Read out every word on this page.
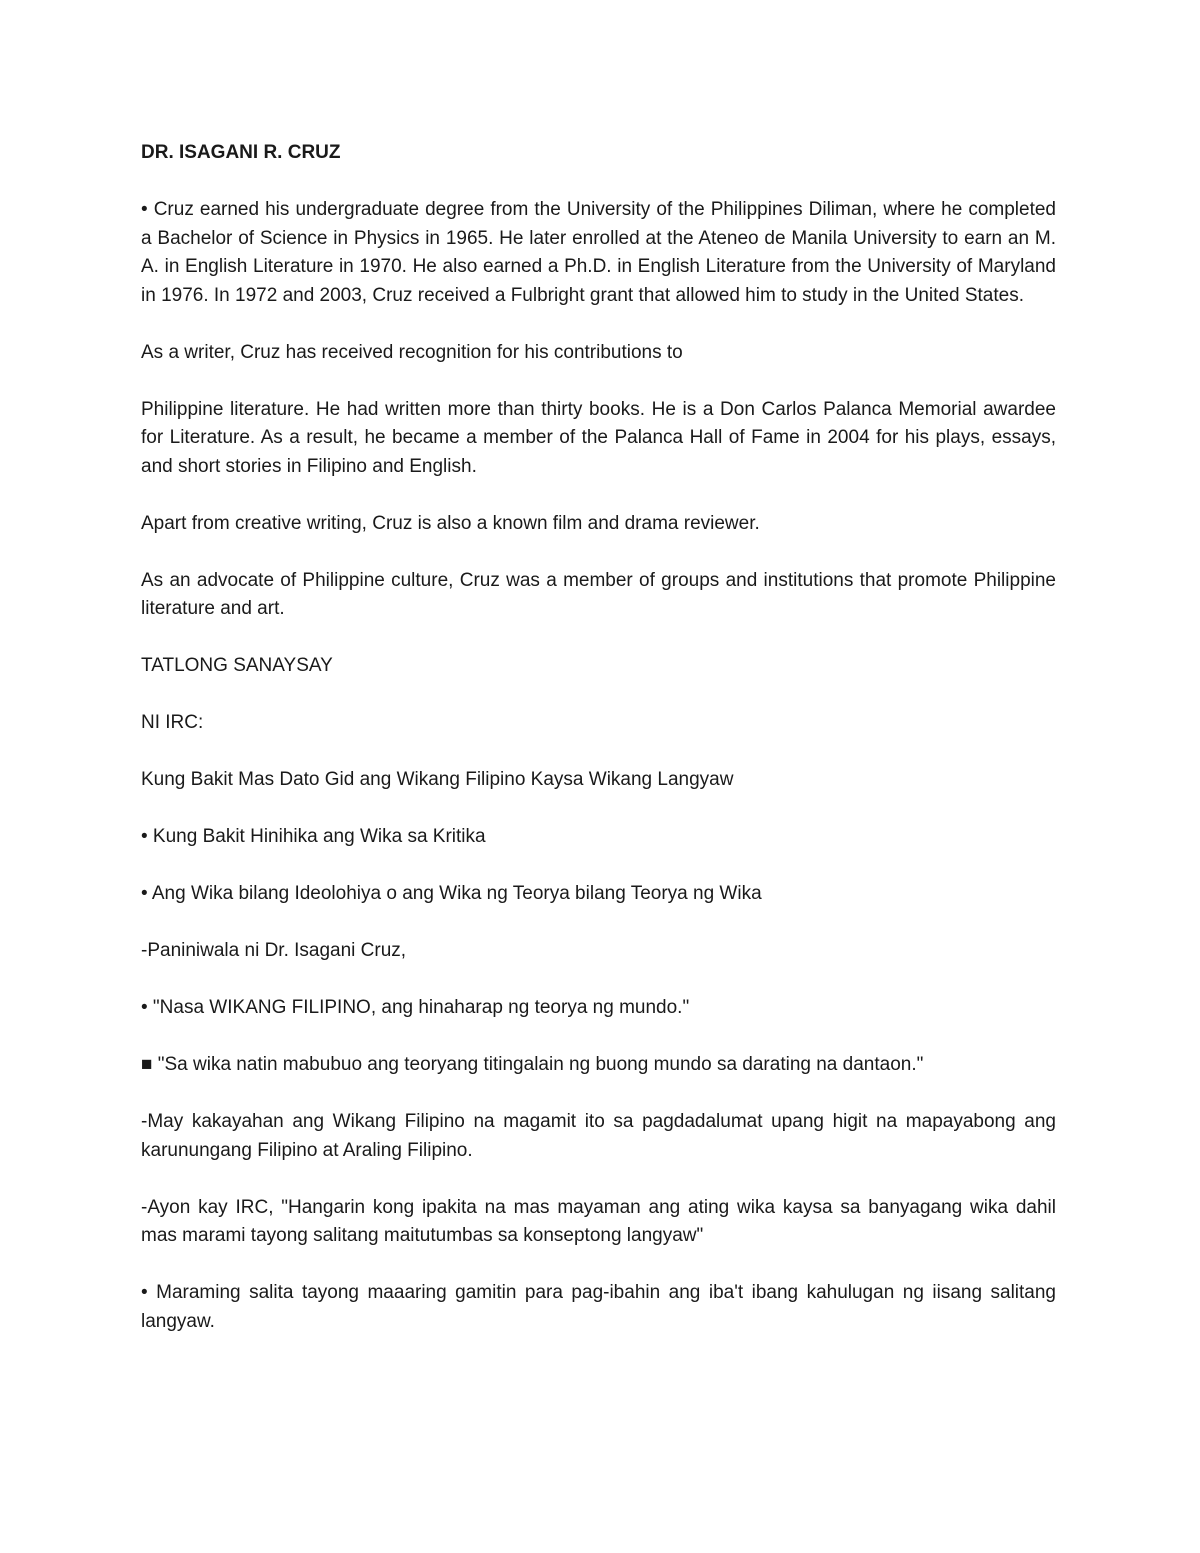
DR. ISAGANI R. CRUZ

• Cruz earned his undergraduate degree from the University of the Philippines Diliman, where he completed a Bachelor of Science in Physics in 1965. He later enrolled at the Ateneo de Manila University to earn an M. A. in English Literature in 1970. He also earned a Ph.D. in English Literature from the University of Maryland in 1976. In 1972 and 2003, Cruz received a Fulbright grant that allowed him to study in the United States.

As a writer, Cruz has received recognition for his contributions to

Philippine literature. He had written more than thirty books. He is a Don Carlos Palanca Memorial awardee for Literature. As a result, he became a member of the Palanca Hall of Fame in 2004 for his plays, essays, and short stories in Filipino and English.

Apart from creative writing, Cruz is also a known film and drama reviewer.

As an advocate of Philippine culture, Cruz was a member of groups and institutions that promote Philippine literature and art.

TATLONG SANAYSAY

NI IRC:

Kung Bakit Mas Dato Gid ang Wikang Filipino Kaysa Wikang Langyaw

• Kung Bakit Hinihika ang Wika sa Kritika

• Ang Wika bilang Ideolohiya o ang Wika ng Teorya bilang Teorya ng Wika

-Paniniwala ni Dr. Isagani Cruz,

• "Nasa WIKANG FILIPINO, ang hinaharap ng teorya ng mundo."

■ "Sa wika natin mabubuo ang teoryang titingalain ng buong mundo sa darating na dantaon."

-May kakayahan ang Wikang Filipino na magamit ito sa pagdadalumat upang higit na mapayabong ang karunungang Filipino at Araling Filipino.

-Ayon kay IRC, "Hangarin kong ipakita na mas mayaman ang ating wika kaysa sa banyagang wika dahil mas marami tayong salitang maitutumbas sa konseptong langyaw"

• Maraming salita tayong maaaring gamitin para pag-ibahin ang iba't ibang kahulugan ng iisang salitang langyaw.
